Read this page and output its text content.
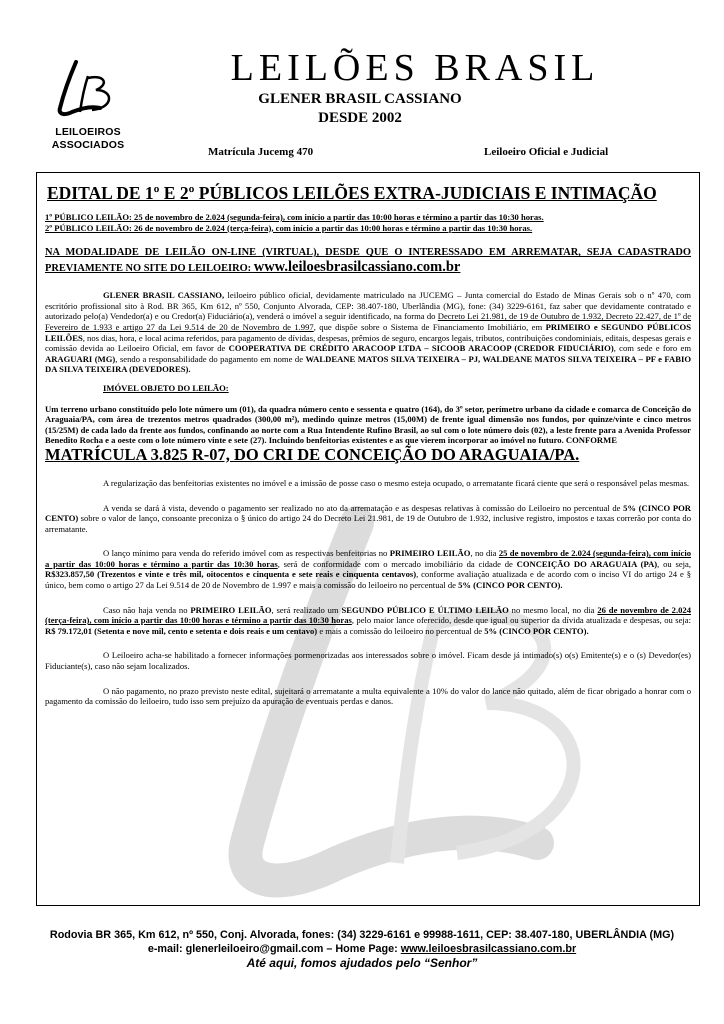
LEILOEIROS
ASSOCIADOS
LEILÕES BRASIL
GLENER BRASIL CASSIANO
DESDE 2002
Matrícula Jucemg 470	Leiloeiro Oficial e Judicial
EDITAL DE 1º E 2º PÚBLICOS LEILÕES EXTRA-JUDICIAIS E INTIMAÇÃO
1º PÚBLICO LEILÃO: 25 de novembro de 2.024 (segunda-feira), com início a partir das 10:00 horas e término a partir das 10:30 horas.
2º PÚBLICO LEILÃO: 26 de novembro de 2.024 (terça-feira), com início a partir das 10:00 horas e término a partir das 10:30 horas.
NA MODALIDADE DE LEILÃO ON-LINE (VIRTUAL), DESDE QUE O INTERESSADO EM ARREMATAR, SEJA CADASTRADO PREVIAMENTE NO SITE DO LEILOEIRO: www.leiloesbrasilcassiano.com.br
GLENER BRASIL CASSIANO, leiloeiro público oficial, devidamente matriculado na JUCEMG – Junta comercial do Estado de Minas Gerais sob o nº 470, com escritório profissional sito à Rod. BR 365, Km 612, nº 550, Conjunto Alvorada, CEP: 38.407-180, Uberlândia (MG), fone: (34) 3229-6161, faz saber que devidamente contratado e autorizado pelo(a) Vendedor(a) e ou Credor(a) Fiduciário(a), venderá o imóvel a seguir identificado, na forma do Decreto Lei 21.981, de 19 de Outubro de 1.932, Decreto 22.427, de 1º de Fevereiro de 1.933 e artigo 27 da Lei 9.514 de 20 de Novembro de 1.997, que dispõe sobre o Sistema de Financiamento Imobiliário, em PRIMEIRO e SEGUNDO PÚBLICOS LEILÕES, nos dias, hora, e local acima referidos, para pagamento de dívidas, despesas, prêmios de seguro, encargos legais, tributos, contribuições condominiais, editais, despesas gerais e comissão devida ao Leiloeiro Oficial, em favor de COOPERATIVA DE CRÉDITO ARACOOP LTDA – SICOOB ARACOOP (CREDOR FIDUCIÁRIO), com sede e foro em ARAGUARI (MG), sendo a responsabilidade do pagamento em nome de WALDEANE MATOS SILVA TEIXEIRA – PJ, WALDEANE MATOS SILVA TEIXEIRA – PF e FABIO DA SILVA TEIXEIRA (DEVEDORES).
IMÓVEL OBJETO DO LEILÃO:
Um terreno urbano constituído pelo lote número um (01), da quadra número cento e sessenta e quatro (164), do 3º setor, perímetro urbano da cidade e comarca de Conceição do Araguaia/PA, com área de trezentos metros quadrados (300,00 m²), medindo quinze metros (15,00M) de frente igual dimensão nos fundos, por quinze/vinte e cinco metros (15/25M) de cada lado da frente aos fundos, confinando ao norte com a Rua Intendente Rufino Brasil, ao sul com o lote número dois (02), a leste frente para a Avenida Professor Benedito Rocha e a oeste com o lote número vinte e sete (27). Incluindo benfeitorias existentes e as que vierem incorporar ao imóvel no futuro. CONFORME
MATRÍCULA 3.825 R-07, DO CRI DE CONCEIÇÃO DO ARAGUAIA/PA.
A regularização das benfeitorias existentes no imóvel e a imissão de posse caso o mesmo esteja ocupado, o arrematante ficará ciente que será o responsável pelas mesmas.
A venda se dará à vista, devendo o pagamento ser realizado no ato da arrematação e as despesas relativas à comissão do Leiloeiro no percentual de 5% (CINCO POR CENTO) sobre o valor de lanço, consoante preconiza o § único do artigo 24 do Decreto Lei 21.981, de 19 de Outubro de 1.932, inclusive registro, impostos e taxas correrão por conta do arrematante.
O lanço mínimo para venda do referido imóvel com as respectivas benfeitorias no PRIMEIRO LEILÃO, no dia 25 de novembro de 2.024 (segunda-feira), com início a partir das 10:00 horas e término a partir das 10:30 horas, será de conformidade com o mercado imobiliário da cidade de CONCEIÇÃO DO ARAGUAIA (PA), ou seja, R$323.857,50 (Trezentos e vinte e três mil, oitocentos e cinquenta e sete reais e cinquenta centavos), conforme avaliação atualizada e de acordo com o inciso VI do artigo 24 e § único, bem como o artigo 27 da Lei 9.514 de 20 de Novembro de 1.997 e mais a comissão do leiloeiro no percentual de 5% (CINCO POR CENTO).
Caso não haja venda no PRIMEIRO LEILÃO, será realizado um SEGUNDO PÚBLICO E ÚLTIMO LEILÃO no mesmo local, no dia 26 de novembro de 2.024 (terça-feira), com início a partir das 10:00 horas e término a partir das 10:30 horas, pelo maior lance oferecido, desde que igual ou superior da dívida atualizada e despesas, ou seja: R$ 79.172,01 (Setenta e nove mil, cento e setenta e dois reais e um centavo) e mais a comissão do leiloeiro no percentual de 5% (CINCO POR CENTO).
O Leiloeiro acha-se habilitado a fornecer informações pormenorizadas aos interessados sobre o imóvel. Ficam desde já intimado(s) o(s) Emitente(s) e o (s) Devedor(es) Fiduciante(s), caso não sejam localizados.
O não pagamento, no prazo previsto neste edital, sujeitará o arrematante a multa equivalente a 10% do valor do lance não quitado, além de ficar obrigado a honrar com o pagamento da comissão do leiloeiro, tudo isso sem prejuízo da apuração de eventuais perdas e danos.
Rodovia BR 365, Km 612, nº 550, Conj. Alvorada, fones: (34) 3229-6161 e 99988-1611, CEP: 38.407-180, UBERLÂNDIA (MG)
e-mail: glenerleiloeiro@gmail.com – Home Page: www.leiloesbrasilcassiano.com.br
Até aqui, fomos ajudados pelo “Senhor”
